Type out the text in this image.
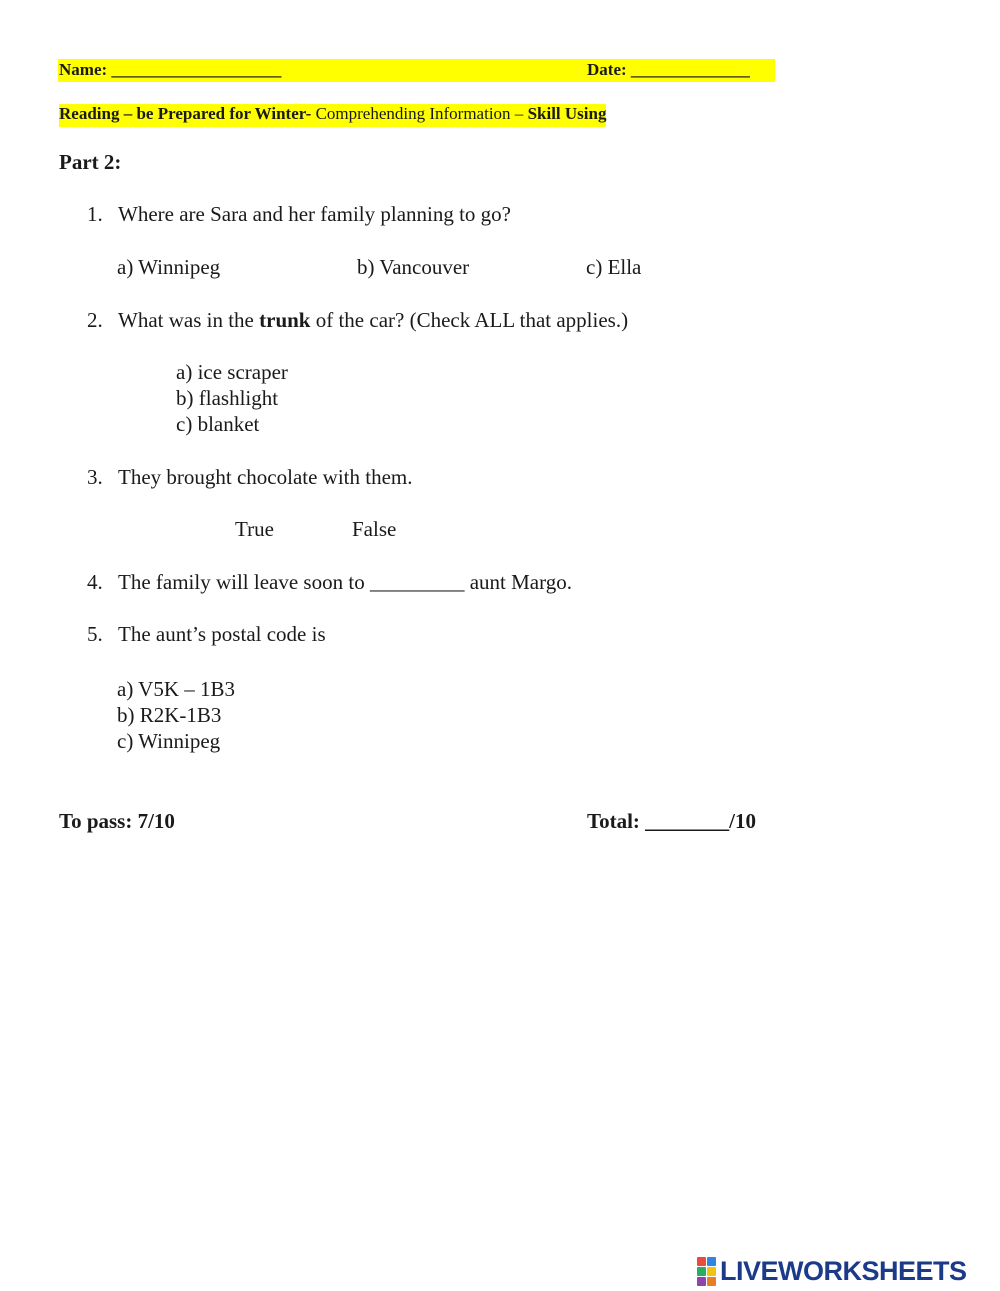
Name: ____________________	Date: ______________
Reading – be Prepared for Winter- Comprehending Information – Skill Using
Part 2:
1. Where are Sara and her family planning to go?
a) Winnipeg	b) Vancouver	c) Ella
2. What was in the trunk of the car? (Check ALL that applies.)
a) ice scraper
b) flashlight
c) blanket
3. They brought chocolate with them.
True	False
4. The family will leave soon to _________ aunt Margo.
5. The aunt’s postal code is
a) V5K – 1B3
b) R2K-1B3
c) Winnipeg
To pass: 7/10	Total: ________/10
LIVEWORKSHEETS
